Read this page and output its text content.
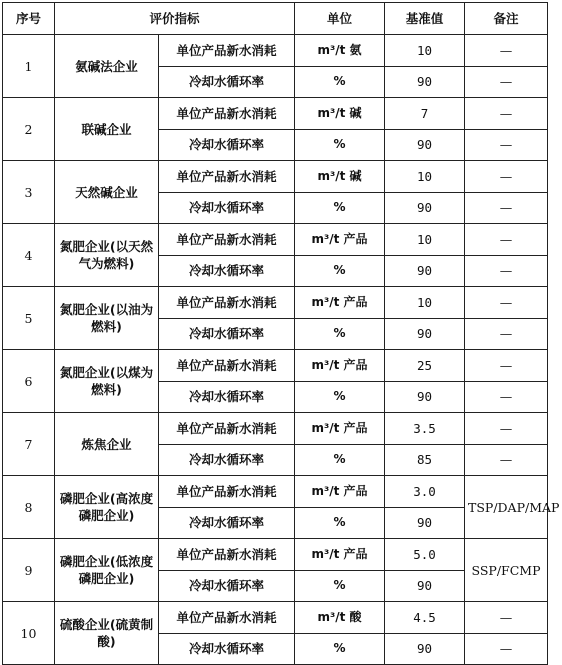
序号	评价指标		单位	基准值	备注
1	氨碱法企业	单位产品新水消耗	m³/t 氨	10	—
		冷却水循环率	%	90	—
2	联碱企业	单位产品新水消耗	m³/t 碱	7	—
		冷却水循环率	%	90	—
3	天然碱企业	单位产品新水消耗	m³/t 碱	10	—
		冷却水循环率	%	90	—
4	氮肥企业(以天然气为燃料)	单位产品新水消耗	m³/t 产品	10	—
		冷却水循环率	%	90	—
5	氮肥企业(以油为燃料)	单位产品新水消耗	m³/t 产品	10	—
		冷却水循环率	%	90	—
6	氮肥企业(以煤为燃料)	单位产品新水消耗	m³/t 产品	25	—
		冷却水循环率	%	90	—
7	炼焦企业	单位产品新水消耗	m³/t 产品	3.5	—
		冷却水循环率	%	85	—
8	磷肥企业(高浓度磷肥企业)	单位产品新水消耗	m³/t 产品	3.0	TSP/DAP/MAP
		冷却水循环率	%	90	
9	磷肥企业(低浓度磷肥企业)	单位产品新水消耗	m³/t 产品	5.0	SSP/FCMP
		冷却水循环率	%	90	
10	硫酸企业(硫黄制酸)	单位产品新水消耗	m³/t 酸	4.5	—
		冷却水循环率	%	90	—
